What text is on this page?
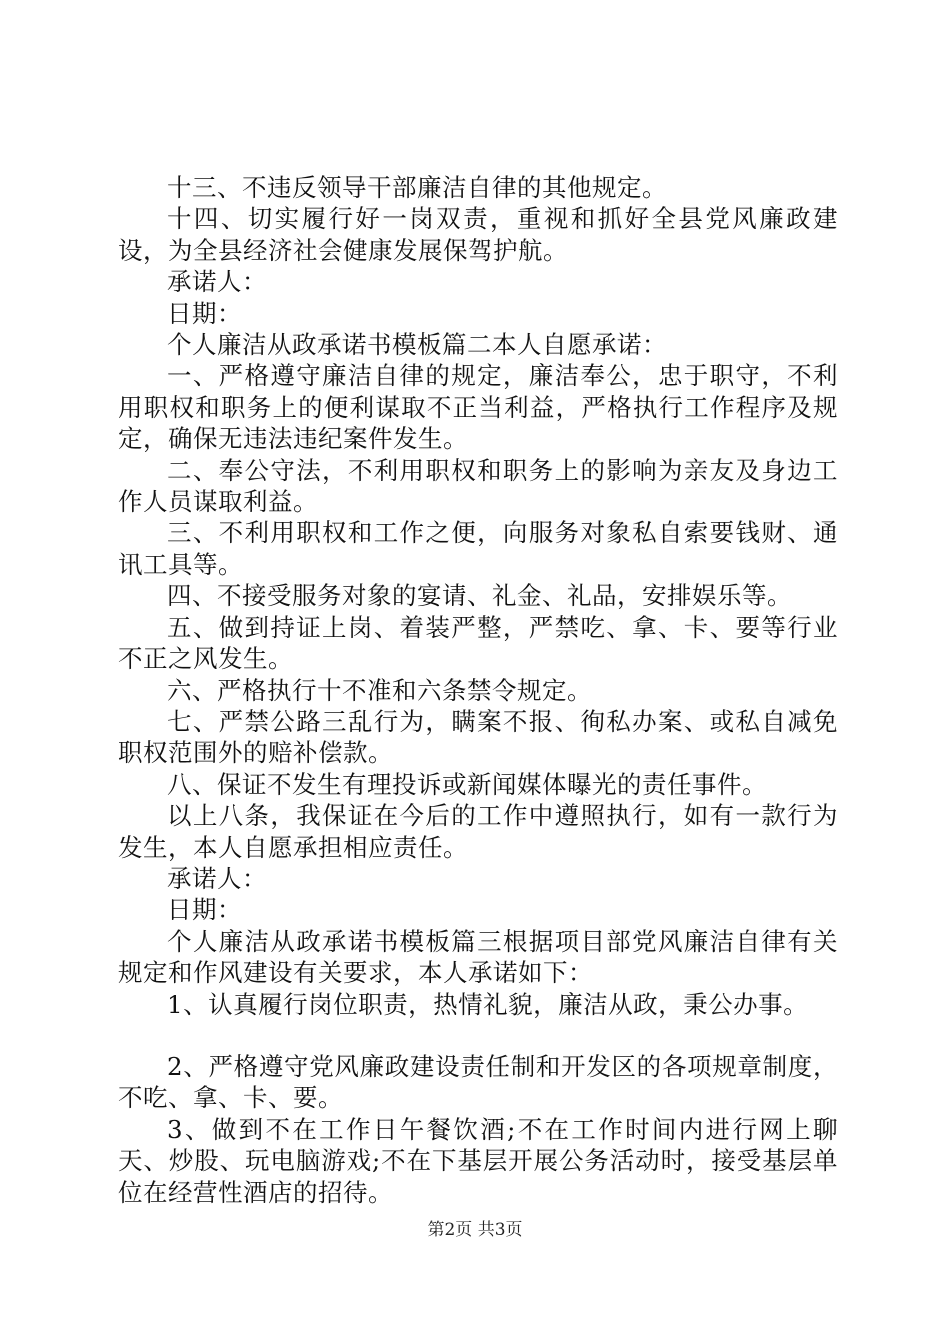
十三、不违反领导干部廉洁自律的其他规定。

十四、切实履行好一岗双责，重视和抓好全县党风廉政建设，为全县经济社会健康发展保驾护航。

承诺人：

日期：

个人廉洁从政承诺书模板篇二本人自愿承诺：

一、严格遵守廉洁自律的规定，廉洁奉公，忠于职守，不利用职权和职务上的便利谋取不正当利益，严格执行工作程序及规定，确保无违法违纪案件发生。

二、奉公守法，不利用职权和职务上的影响为亲友及身边工作人员谋取利益。

三、不利用职权和工作之便，向服务对象私自索要钱财、通讯工具等。

四、不接受服务对象的宴请、礼金、礼品，安排娱乐等。

五、做到持证上岗、着装严整，严禁吃、拿、卡、要等行业不正之风发生。

六、严格执行十不准和六条禁令规定。

七、严禁公路三乱行为，瞒案不报、徇私办案、或私自减免职权范围外的赔补偿款。

八、保证不发生有理投诉或新闻媒体曝光的责任事件。

以上八条，我保证在今后的工作中遵照执行，如有一款行为发生，本人自愿承担相应责任。

承诺人：

日期：

个人廉洁从政承诺书模板篇三根据项目部党风廉洁自律有关规定和作风建设有关要求，本人承诺如下：

1、认真履行岗位职责，热情礼貌，廉洁从政，秉公办事。

2、严格遵守党风廉政建设责任制和开发区的各项规章制度，不吃、拿、卡、要。

3、做到不在工作日午餐饮酒;不在工作时间内进行网上聊天、炒股、玩电脑游戏;不在下基层开展公务活动时，接受基层单位在经营性酒店的招待。

第2页 共3页
